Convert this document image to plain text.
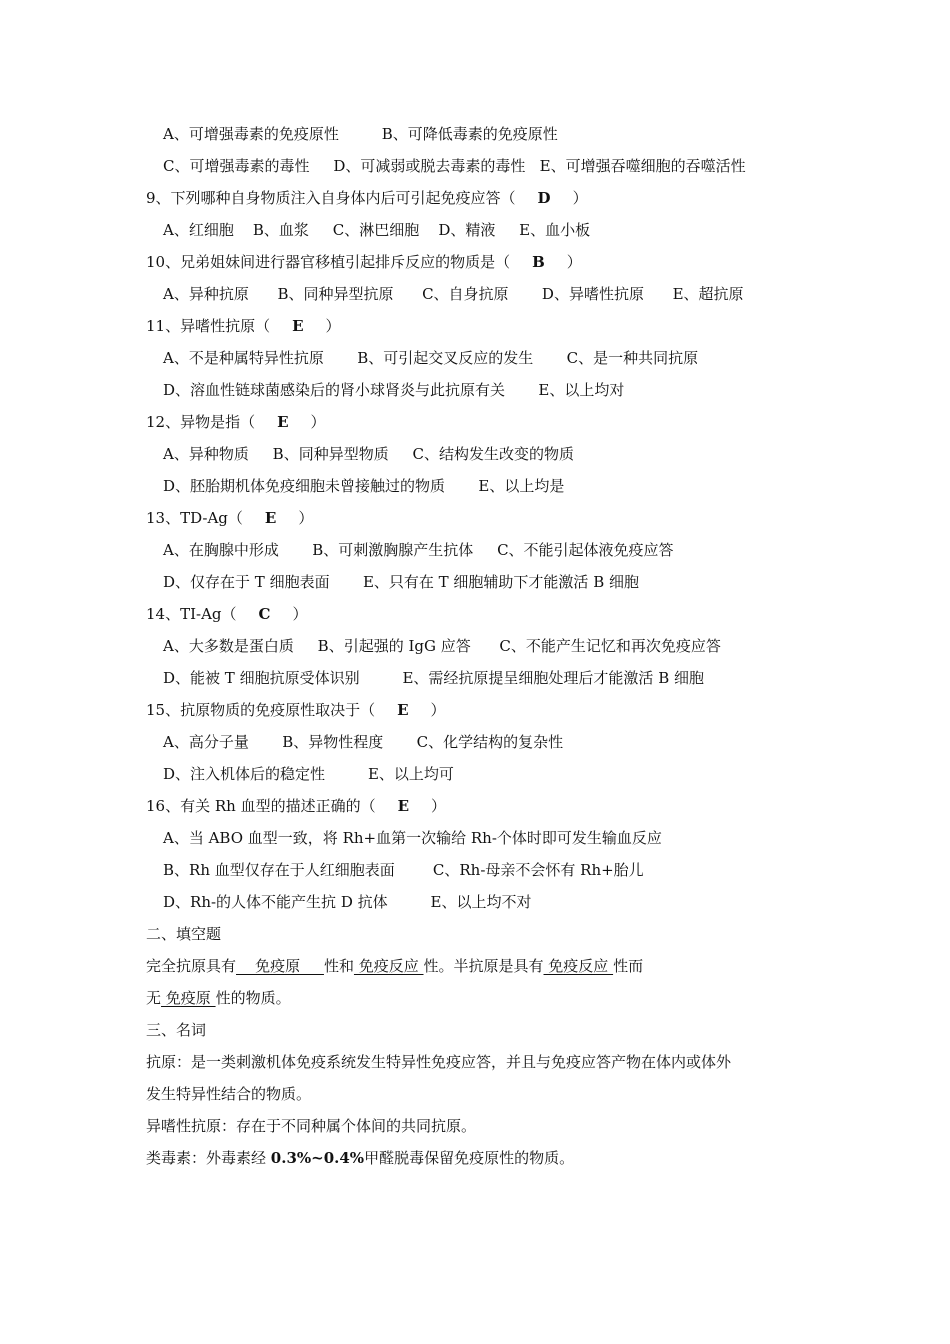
A、可增强毒素的免疫原性         B、可降低毒素的免疫原性
C、可增强毒素的毒性     D、可减弱或脱去毒素的毒性   E、可增强吞噬细胞的吞噬活性
9、下列哪种自身物质注入自身体内后可引起免疫应答（ D ）
A、红细胞    B、血浆     C、淋巴细胞    D、精液     E、血小板
10、兄弟姐妹间进行器官移植引起排斥反应的物质是（ B ）
A、异种抗原      B、同种异型抗原      C、自身抗原       D、异嗜性抗原      E、超抗原
11、异嗜性抗原（ E ）
A、不是种属特异性抗原       B、可引起交叉反应的发生       C、是一种共同抗原
D、溶血性链球菌感染后的肾小球肾炎与此抗原有关       E、以上均对
12、异物是指（ E ）
A、异种物质     B、同种异型物质     C、结构发生改变的物质
D、胚胎期机体免疫细胞未曾接触过的物质       E、以上均是
13、TD-Ag（ E ）
A、在胸腺中形成       B、可刺激胸腺产生抗体     C、不能引起体液免疫应答
D、仅存在于 T 细胞表面       E、只有在 T 细胞辅助下才能激活 B 细胞
14、TI-Ag（ C ）
A、大多数是蛋白质     B、引起强的 IgG 应答      C、不能产生记忆和再次免疫应答
D、能被 T 细胞抗原受体识别         E、需经抗原提呈细胞处理后才能激活 B 细胞
15、抗原物质的免疫原性取决于（ E ）
A、高分子量       B、异物性程度       C、化学结构的复杂性
D、注入机体后的稳定性         E、以上均可
16、有关 Rh 血型的描述正确的（ E ）
A、当 ABO 血型一致，将 Rh+血第一次输给 Rh-个体时即可发生输血反应
B、Rh 血型仅存在于人红细胞表面        C、Rh-母亲不会怀有 Rh+胎儿
D、Rh-的人体不能产生抗 D 抗体         E、以上均不对
二、填空题
完全抗原具有    免疫原     性和 免疫反应 性。半抗原是具有 免疫反应 性而
无 免疫原 性的物质。
三、名词
抗原：是一类刺激机体免疫系统发生特异性免疫应答，并且与免疫应答产物在体内或体外
发生特异性结合的物质。
异嗜性抗原：存在于不同种属个体间的共同抗原。
类毒素：外毒素经 0.3%~0.4%甲醛脱毒保留免疫原性的物质。
